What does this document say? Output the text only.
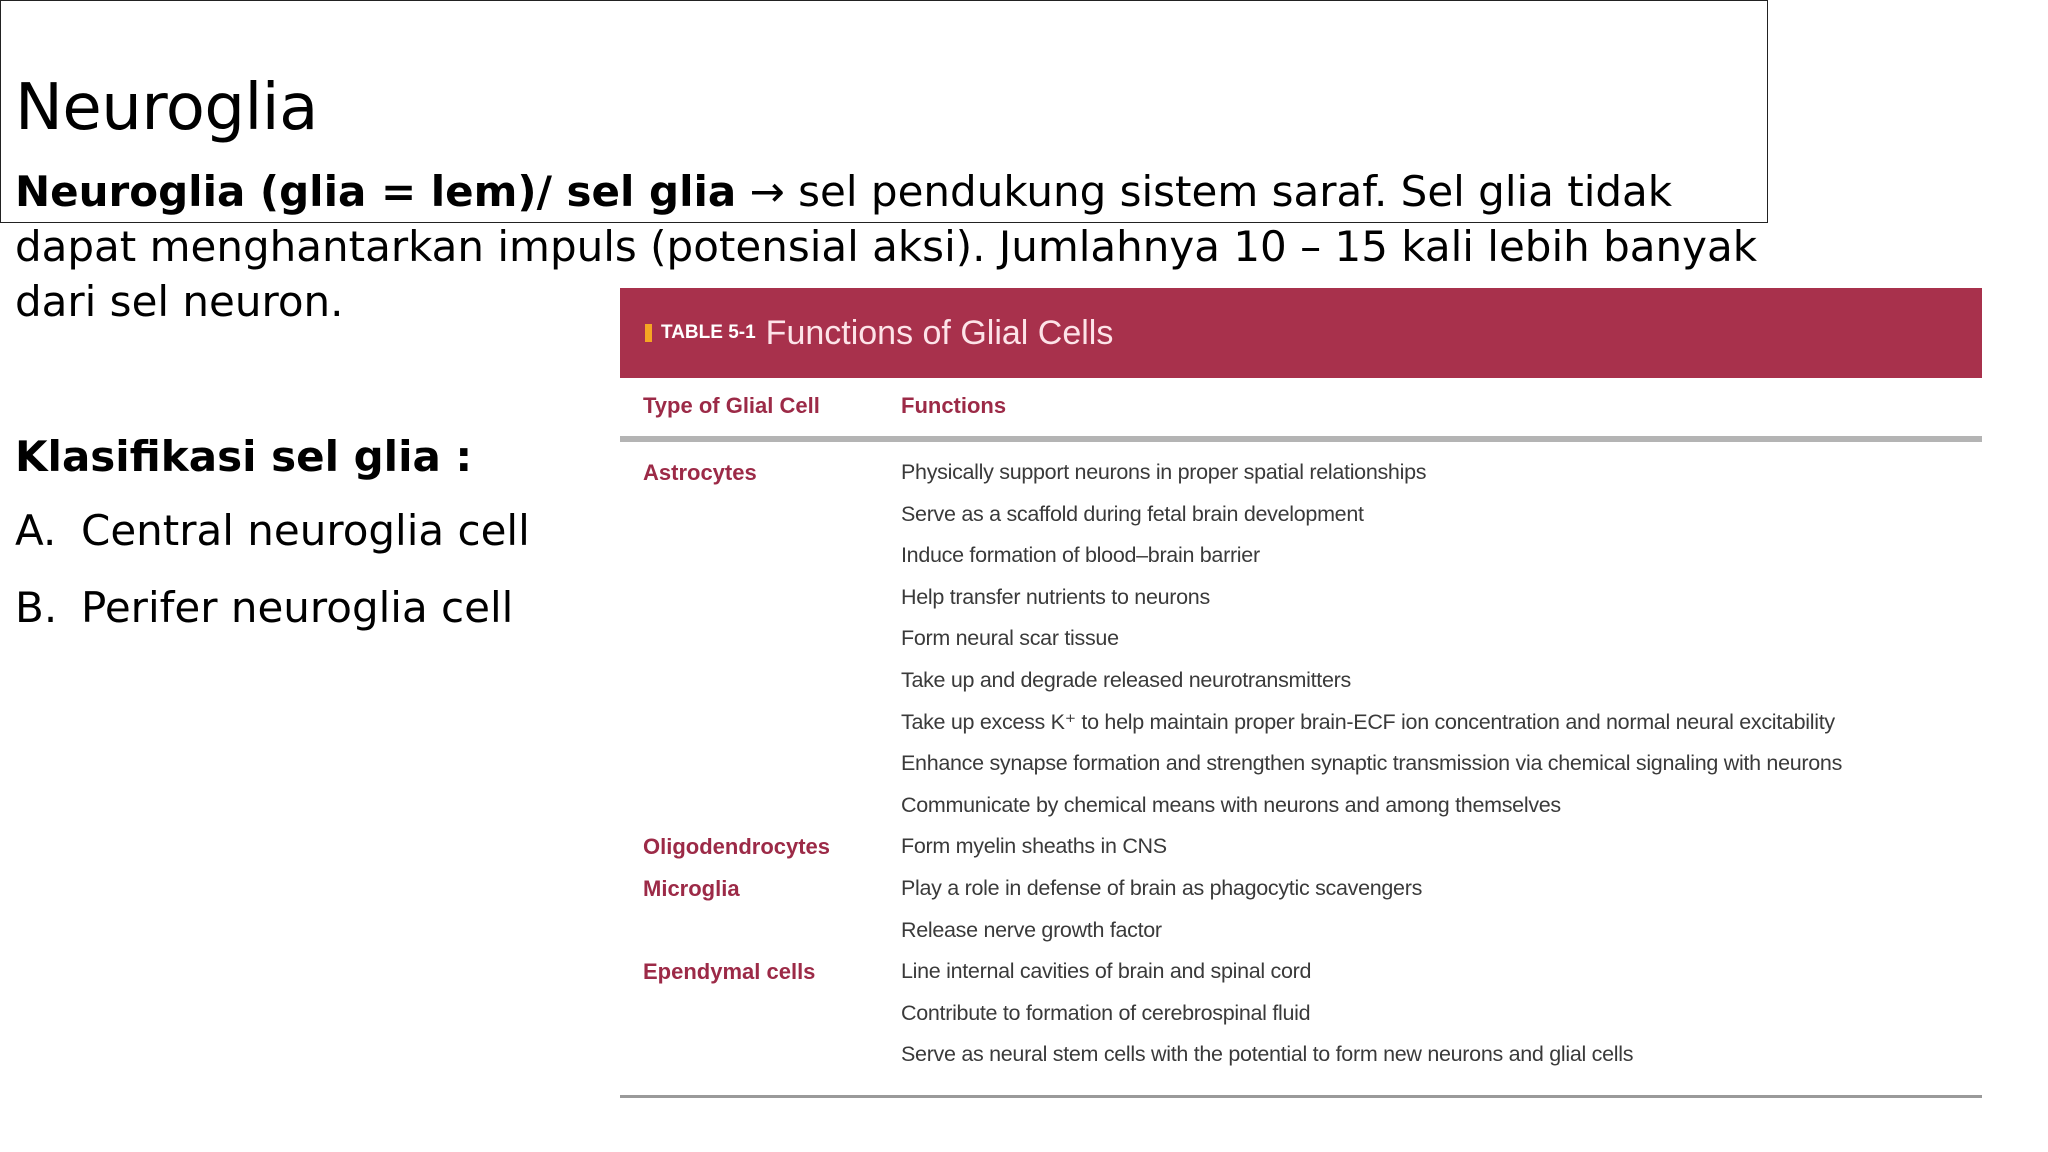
Neuroglia

Neuroglia (glia = lem)/ sel glia → sel pendukung sistem saraf. Sel glia tidak dapat menghantarkan impuls (potensial aksi). Jumlahnya 10 – 15 kali lebih banyak dari sel neuron.

Klasifikasi sel glia :

A. Central neuroglia cell
B. Perifer neuroglia cell
TABLE 5-1 Functions of Glial Cells
Type of Glial Cell	Functions
Astrocytes	Physically support neurons in proper spatial relationships
Serve as a scaffold during fetal brain development
Induce formation of blood–brain barrier
Help transfer nutrients to neurons
Form neural scar tissue
Take up and degrade released neurotransmitters
Take up excess K⁺ to help maintain proper brain-ECF ion concentration and normal neural excitability
Enhance synapse formation and strengthen synaptic transmission via chemical signaling with neurons
Communicate by chemical means with neurons and among themselves
Oligodendrocytes	Form myelin sheaths in CNS
Microglia	Play a role in defense of brain as phagocytic scavengers
Release nerve growth factor
Ependymal cells	Line internal cavities of brain and spinal cord
Contribute to formation of cerebrospinal fluid
Serve as neural stem cells with the potential to form new neurons and glial cells
